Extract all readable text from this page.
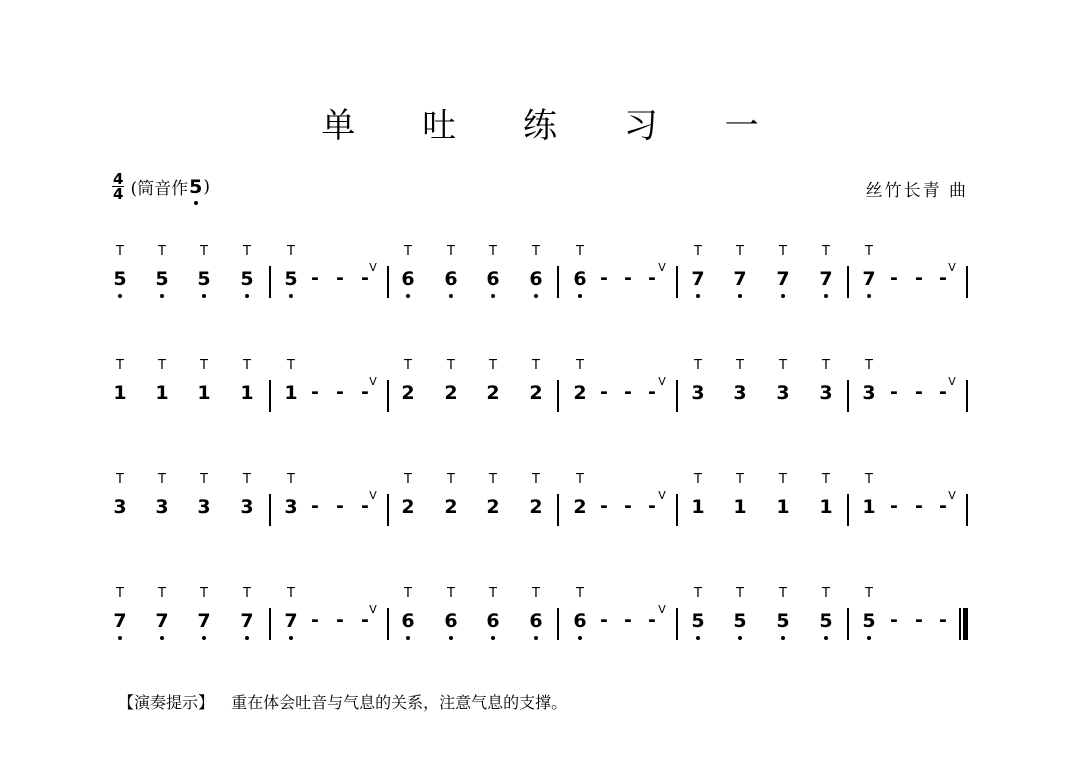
单 吐 练 习 一
$\frac{4}{4}$ (筒音作 5 )	丝竹长青 曲
T
5
T
5
T
5
T
5
T
5 - - - V
T
6
T
6
T
6
T
6
T
6 - - - V
T
7
T
7
T
7
T
7
T
7 - - - V
T
1
T
1
T
1
T
1
T
1 - - - V
T
2
T
2
T
2
T
2
T
2 - - - V
T
3
T
3
T
3
T
3
T
3 - - - V
T
3
T
3
T
3
T
3
T
3 - - - V
T
2
T
2
T
2
T
2
T
2 - - - V
T
1
T
1
T
1
T
1
T
1 - - - V
T
7
T
7
T
7
T
7
T
7 - - - V
T
6
T
6
T
6
T
6
T
6 - - - V
T
5
T
5
T
5
T
5
T
5 - - -
【演奏提示】 重在体会吐音与气息的关系，注意气息的支撑。
